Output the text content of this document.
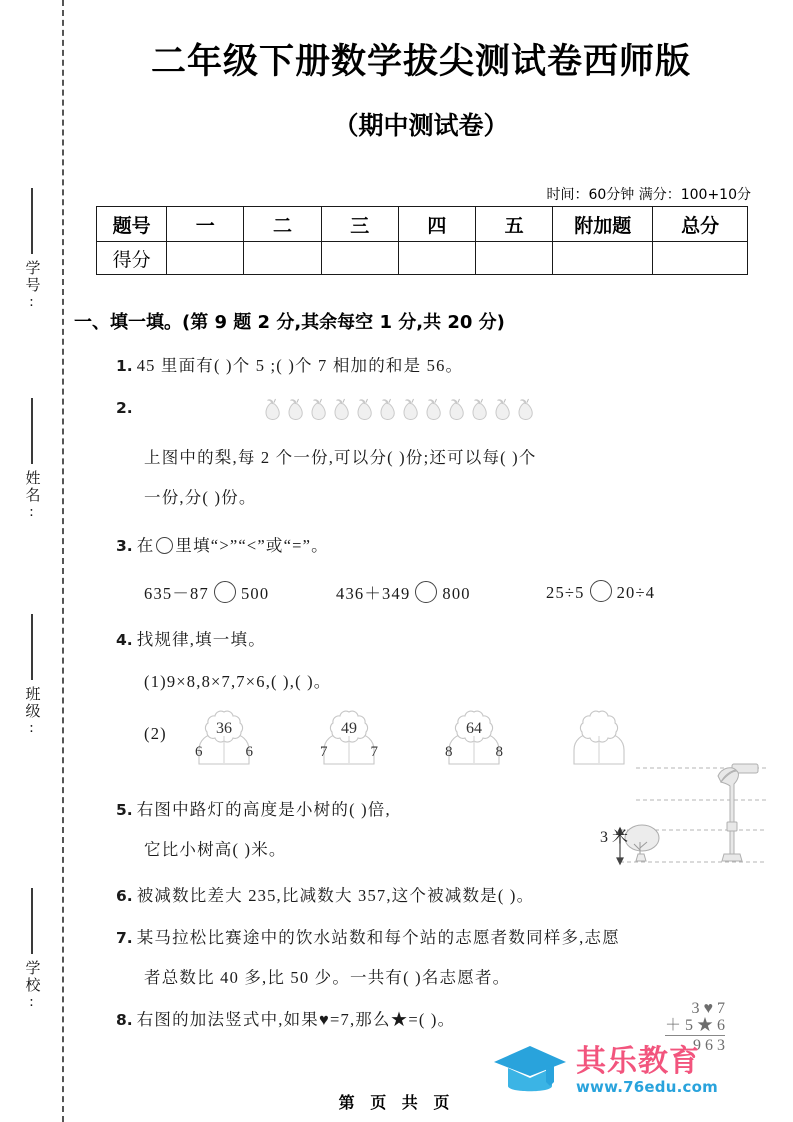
学号:
姓名:
班级:
学校:
二年级下册数学拔尖测试卷西师版
（期中测试卷）
时间：60分钟 满分：100+10分
题号	一	二	三	四	五	附加题	总分
得分							
一、填一填。(第 9 题 2 分,其余每空 1 分,共 20 分)
1. 45 里面有( )个 5 ;( )个 7 相加的和是 56。
2.
上图中的梨,每 2 个一份,可以分( )份;还可以每( )个
一份,分( )份。
3. 在 里填“>”“<”或“=”。
635－87 500	436＋349 800	25÷5 20÷4
4. 找规律,填一填。
(1)9×8,8×7,7×6,( ),( )。
(2)	36
6	6
49
7	7
64
8	8
5. 右图中路灯的高度是小树的( )倍,
它比小树高( )米。
3 米
6. 被减数比差大 235,比减数大 357,这个被减数是( )。
7. 某马拉松比赛途中的饮水站数和每个站的志愿者数同样多,志愿
者总数比 40 多,比 50 少。一共有( )名志愿者。
8. 右图的加法竖式中,如果♥=7,那么★=( )。
3 ♥ 7
＋ 5 ★ 6
9 6 3
其乐教育
www.76edu.com
第 页 共 页
